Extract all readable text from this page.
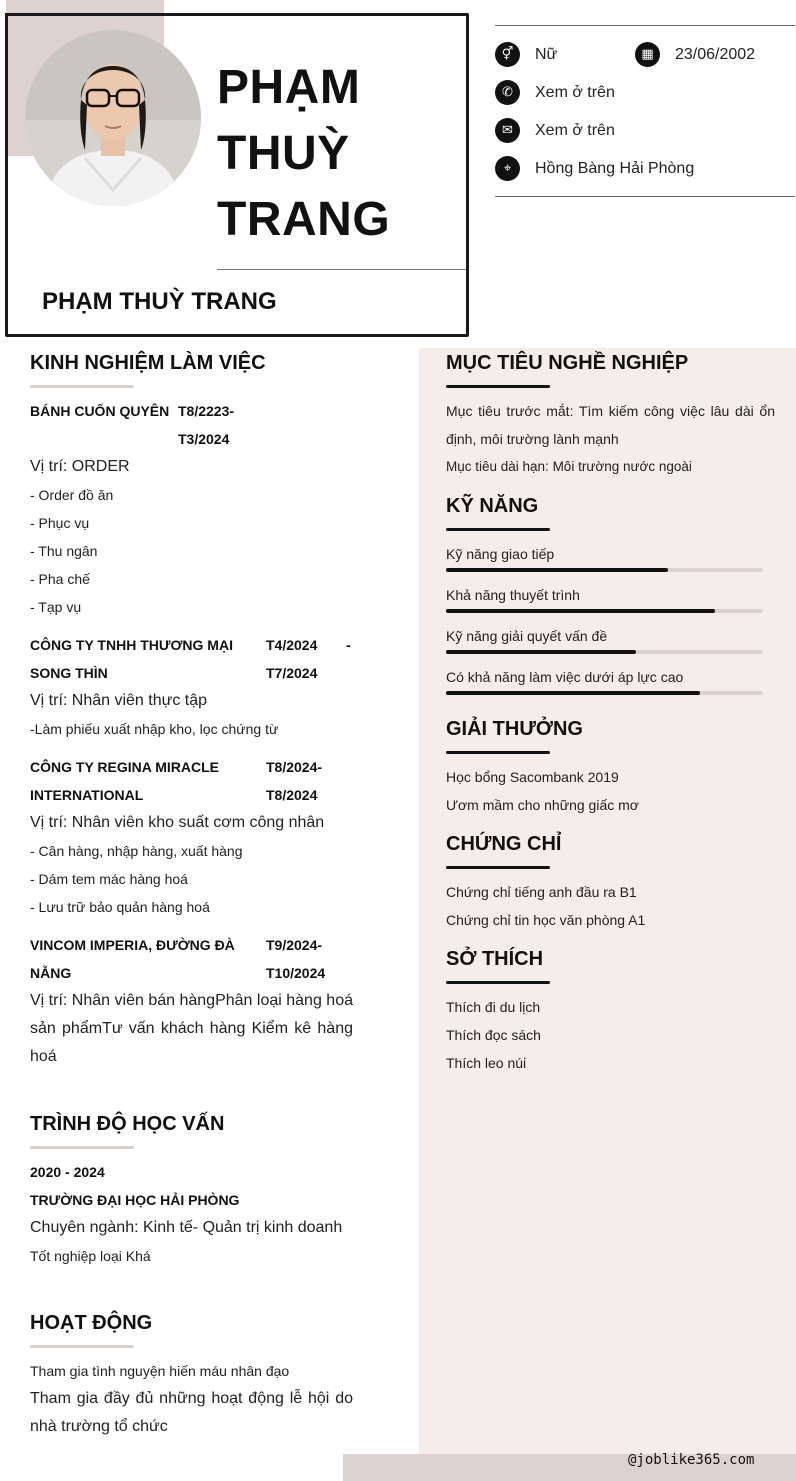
PHẠM
THUỲ
TRANG
PHẠM THUỲ TRANG
⚥	Nữ	▦	23/06/2002
✆	Xem ở trên
✉	Xem ở trên
⌖	Hồng Bàng Hải Phòng
KINH NGHIỆM LÀM VIỆC
BÁNH CUỐN QUYÊN T8/2223-
T3/2024
Vị trí: ORDER
- Order đồ ăn
- Phục vụ
- Thu ngân
- Pha chế
- Tạp vụ
CÔNG TY TNHH THƯƠNG MẠI
SONG THÌN
T4/2024 -
T7/2024
Vị trí: Nhân viên thực tập
-Làm phiếu xuất nhập kho, lọc chứng từ
CÔNG TY REGINA MIRACLE
INTERNATIONAL
T8/2024-
T8/2024
Vị trí: Nhân viên kho suất cơm công nhân
- Cân hàng, nhập hàng, xuất hàng
- Dám tem mác hàng hoá
- Lưu trữ bảo quản hàng hoá
VINCOM IMPERIA, ĐƯỜNG ĐÀ
NẴNG
T9/2024-
T10/2024
Vị trí: Nhân viên bán hàngPhân loại hàng hoá sản phẩmTư vấn khách hàng Kiểm kê hàng hoá
TRÌNH ĐỘ HỌC VẤN
2020 - 2024
TRƯỜNG ĐẠI HỌC HẢI PHÒNG
Chuyên ngành: Kinh tế- Quản trị kinh doanh
Tốt nghiệp loại Khá
HOẠT ĐỘNG
Tham gia tình nguyện hiến máu nhân đạo
Tham gia đầy đủ những hoạt động lễ hội do nhà trường tổ chức
MỤC TIÊU NGHỀ NGHIỆP
Mục tiêu trước mắt: Tìm kiếm công việc lâu dài ổn định, môi trường lành mạnh
Mục tiêu dài hạn: Môi trường nước ngoài
KỸ NĂNG
Kỹ năng giao tiếp
Khả năng thuyết trình
Kỹ năng giải quyết vấn đề
Có khả năng làm việc dưới áp lực cao
GIẢI THƯỞNG
Học bổng Sacombank 2019
Ươm mầm cho những giấc mơ
CHỨNG CHỈ
Chứng chỉ tiếng anh đầu ra B1
Chứng chỉ tin học văn phòng A1
SỞ THÍCH
Thích đi du lịch
Thích đọc sách
Thích leo núi
@joblike365.com
